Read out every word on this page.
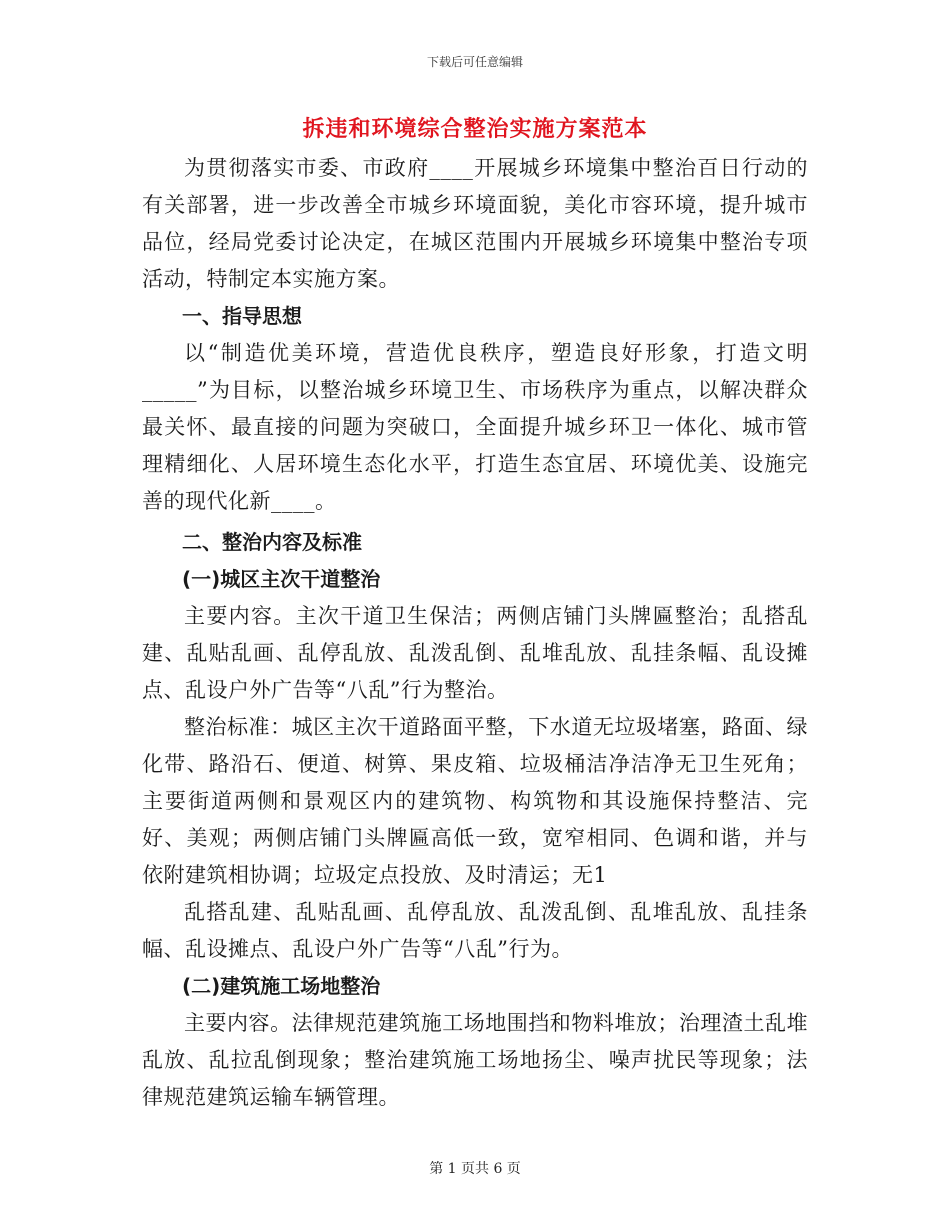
下载后可任意编辑
拆违和环境综合整治实施方案范本

为贯彻落实市委、市政府____开展城乡环境集中整治百日行动的有关部署，进一步改善全市城乡环境面貌，美化市容环境，提升城市品位，经局党委讨论决定，在城区范围内开展城乡环境集中整治专项活动，特制定本实施方案。

一、指导思想

以“制造优美环境，营造优良秩序，塑造良好形象，打造文明_____”为目标，以整治城乡环境卫生、市场秩序为重点，以解决群众最关怀、最直接的问题为突破口，全面提升城乡环卫一体化、城市管理精细化、人居环境生态化水平，打造生态宜居、环境优美、设施完善的现代化新____。

二、整治内容及标准

(一)城区主次干道整治

主要内容。主次干道卫生保洁；两侧店铺门头牌匾整治；乱搭乱建、乱贴乱画、乱停乱放、乱泼乱倒、乱堆乱放、乱挂条幅、乱设摊点、乱设户外广告等“八乱”行为整治。

整治标准：城区主次干道路面平整，下水道无垃圾堵塞，路面、绿化带、路沿石、便道、树箅、果皮箱、垃圾桶洁净洁净无卫生死角；主要街道两侧和景观区内的建筑物、构筑物和其设施保持整洁、完好、美观；两侧店铺门头牌匾高低一致，宽窄相同、色调和谐，并与依附建筑相协调；垃圾定点投放、及时清运；无1

乱搭乱建、乱贴乱画、乱停乱放、乱泼乱倒、乱堆乱放、乱挂条幅、乱设摊点、乱设户外广告等“八乱”行为。

(二)建筑施工场地整治

主要内容。法律规范建筑施工场地围挡和物料堆放；治理渣土乱堆乱放、乱拉乱倒现象；整治建筑施工场地扬尘、噪声扰民等现象；法律规范建筑运输车辆管理。

第 1 页共 6 页
